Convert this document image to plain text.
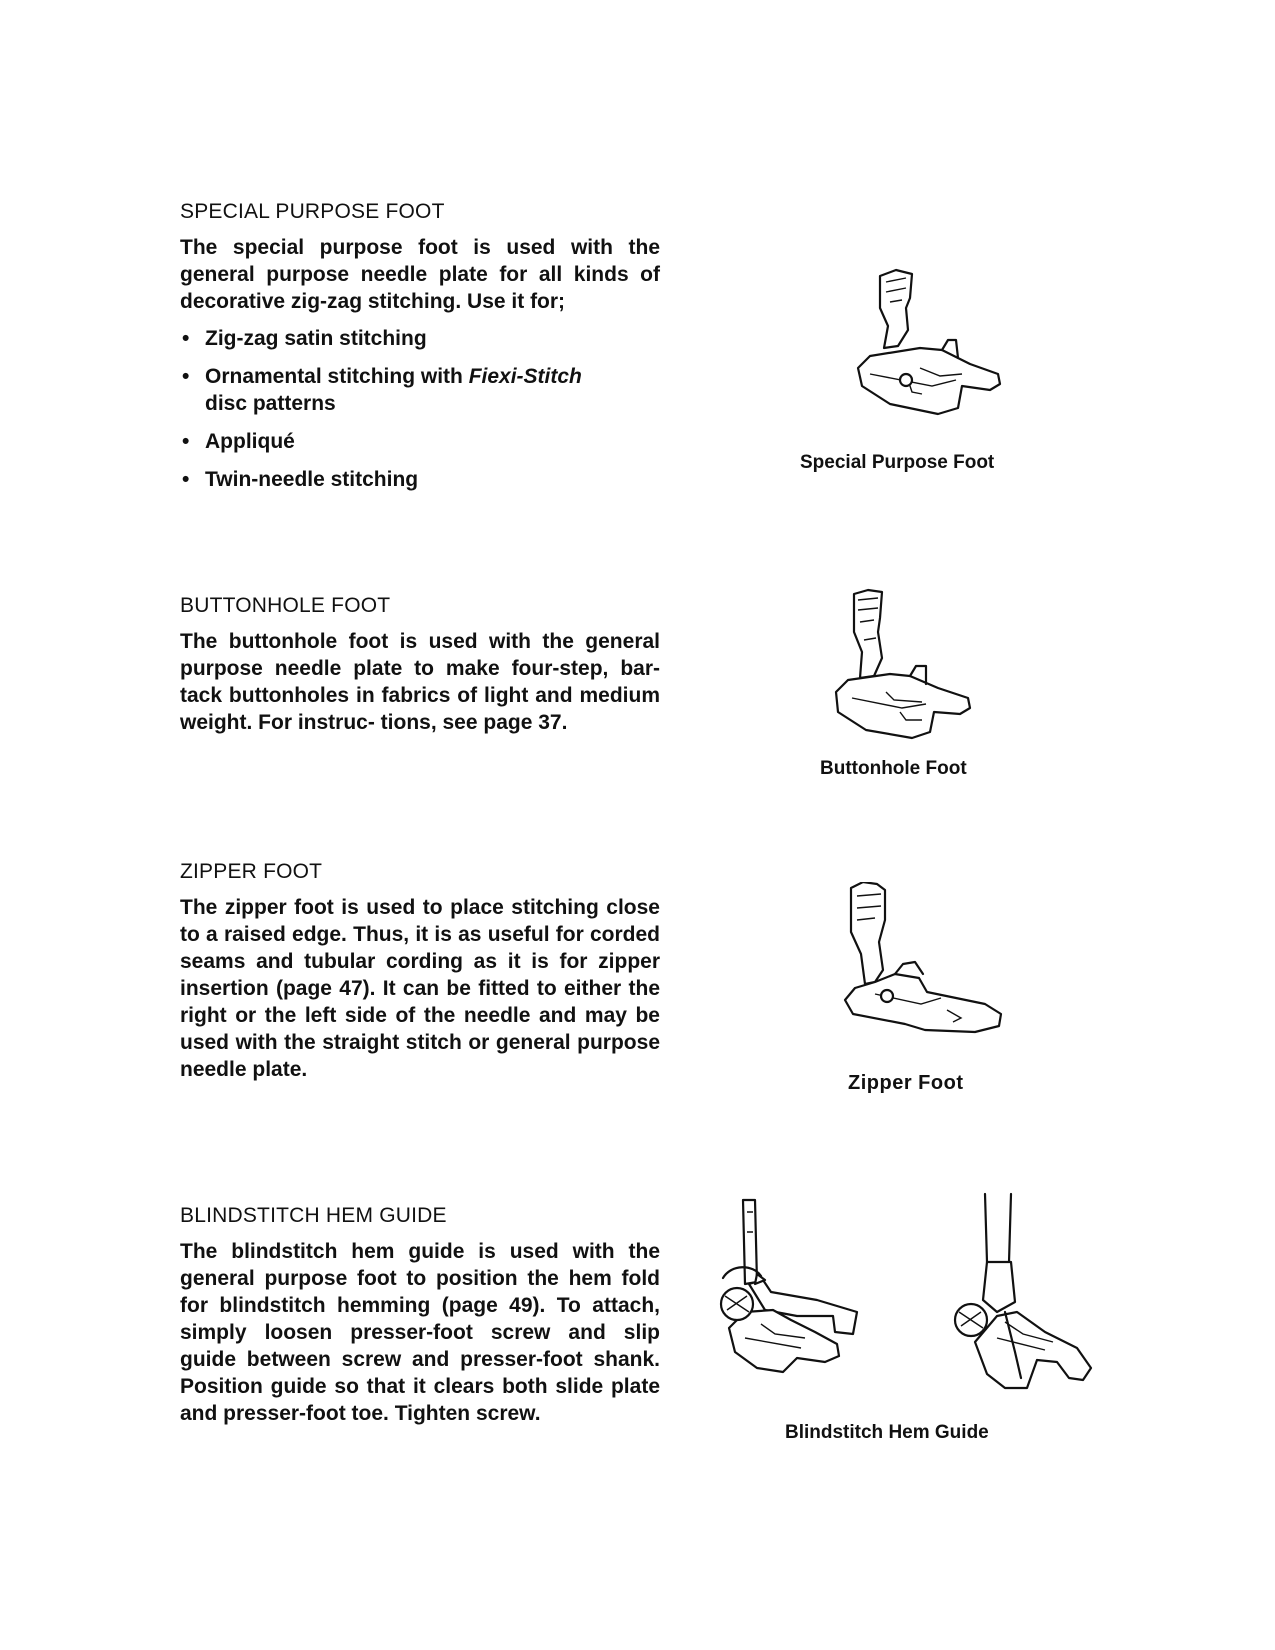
SPECIAL PURPOSE FOOT

The special purpose foot is used with the general purpose needle plate for all kinds of decorative zig-zag stitching. Use it for;

• Zig-zag satin stitching
• Ornamental stitching with Fiexi-Stitch disc patterns
• Appliqué
• Twin-needle stitching
Special Purpose Foot
BUTTONHOLE FOOT

The buttonhole foot is used with the general purpose needle plate to make four-step, bar-tack buttonholes in fabrics of light and medium weight. For instruc- tions, see page 37.

Buttonhole Foot
ZIPPER FOOT

The zipper foot is used to place stitching close to a raised edge. Thus, it is as useful for corded seams and tubular cording as it is for zipper insertion (page 47). It can be fitted to either the right or the left side of the needle and may be used with the straight stitch or general purpose needle plate.

Zipper Foot
BLINDSTITCH HEM GUIDE

The blindstitch hem guide is used with the general purpose foot to position the hem fold for blindstitch hemming (page 49). To attach, simply loosen presser-foot screw and slip guide between screw and presser-foot shank. Position guide so that it clears both slide plate and presser-foot toe. Tighten screw.

Blindstitch Hem Guide
